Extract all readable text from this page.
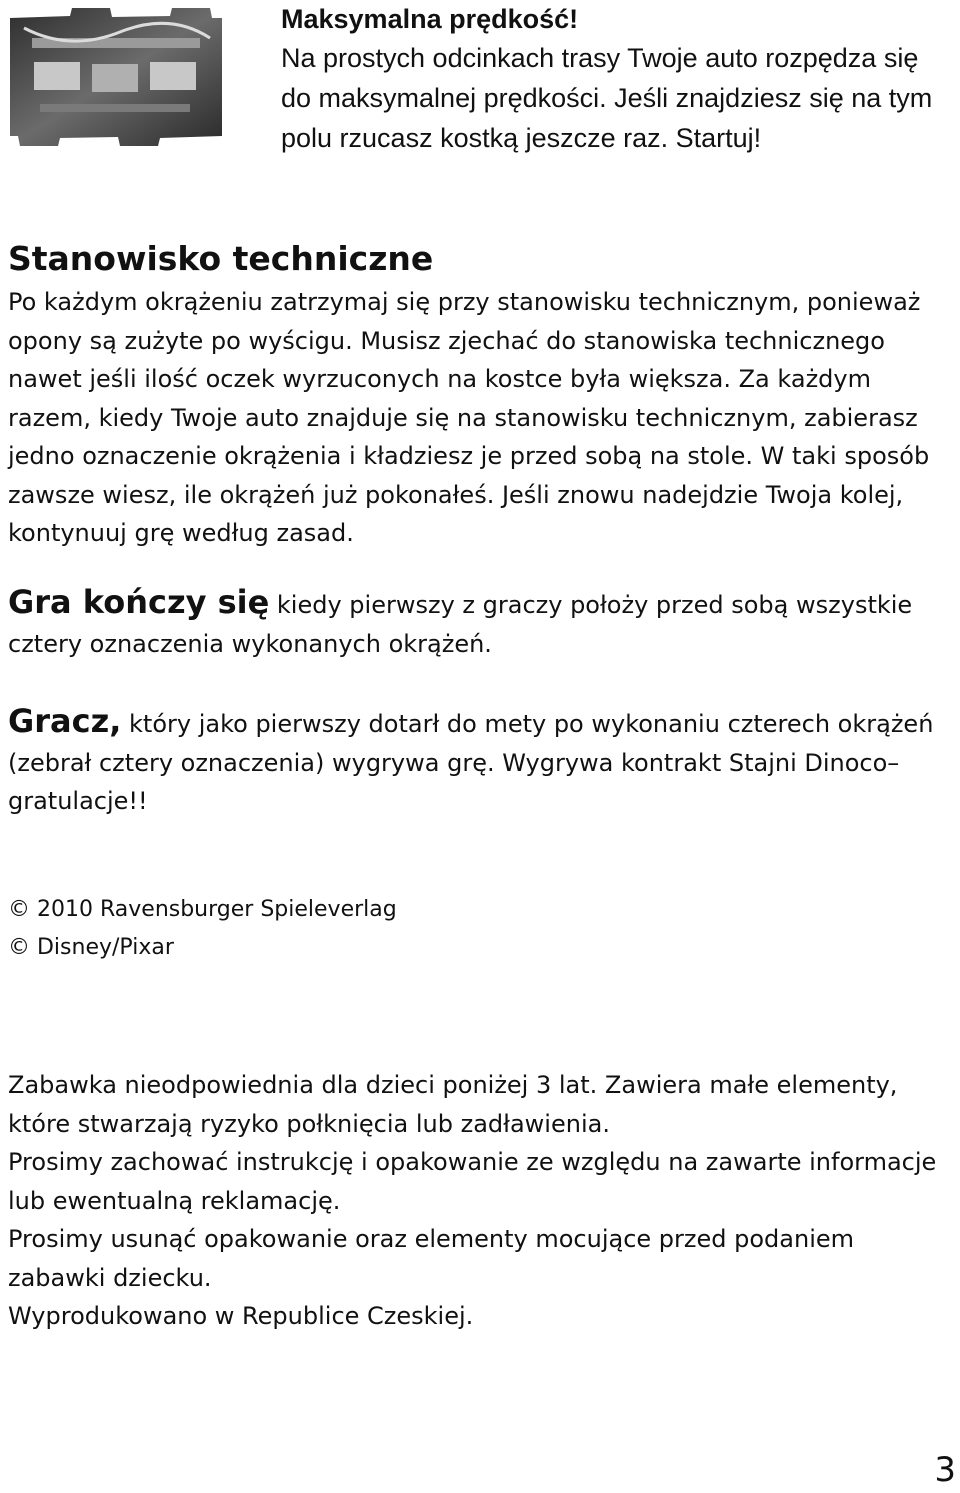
Maksymalna prędkość!

Na prostych odcinkach trasy Twoje auto rozpędza się do maksymalnej prędkości. Jeśli znajdziesz się na tym polu rzucasz kostką jeszcze raz. Startuj!

Stanowisko techniczne

Po każdym okrążeniu zatrzymaj się przy stanowisku technicznym, ponieważ opony są zużyte po wyścigu. Musisz zjechać do stanowiska technicznego nawet jeśli ilość oczek wyrzuconych na kostce była większa. Za każdym razem, kiedy Twoje auto znajduje się na stanowisku technicznym, zabierasz jedno oznaczenie okrążenia i kładziesz je przed sobą na stole. W taki sposób zawsze wiesz, ile okrążeń już pokonałeś. Jeśli znowu nadejdzie Twoja kolej, kontynuuj grę według zasad.

Gra kończy się kiedy pierwszy z graczy położy przed sobą wszystkie cztery oznaczenia wykonanych okrążeń.

Gracz, który jako pierwszy dotarł do mety po wykonaniu czterech okrążeń (zebrał cztery oznaczenia) wygrywa grę. Wygrywa kontrakt Stajni Dinoco– gratulacje!!

© 2010 Ravensburger Spieleverlag
© Disney/Pixar

Zabawka nieodpowiednia dla dzieci poniżej 3 lat. Zawiera małe elementy, które stwarzają ryzyko połknięcia lub zadławienia.

Prosimy zachować instrukcję i opakowanie ze względu na zawarte informacje lub ewentualną reklamację.

Prosimy usunąć opakowanie oraz elementy mocujące przed podaniem zabawki dziecku.

Wyprodukowano w Republice Czeskiej.

3
